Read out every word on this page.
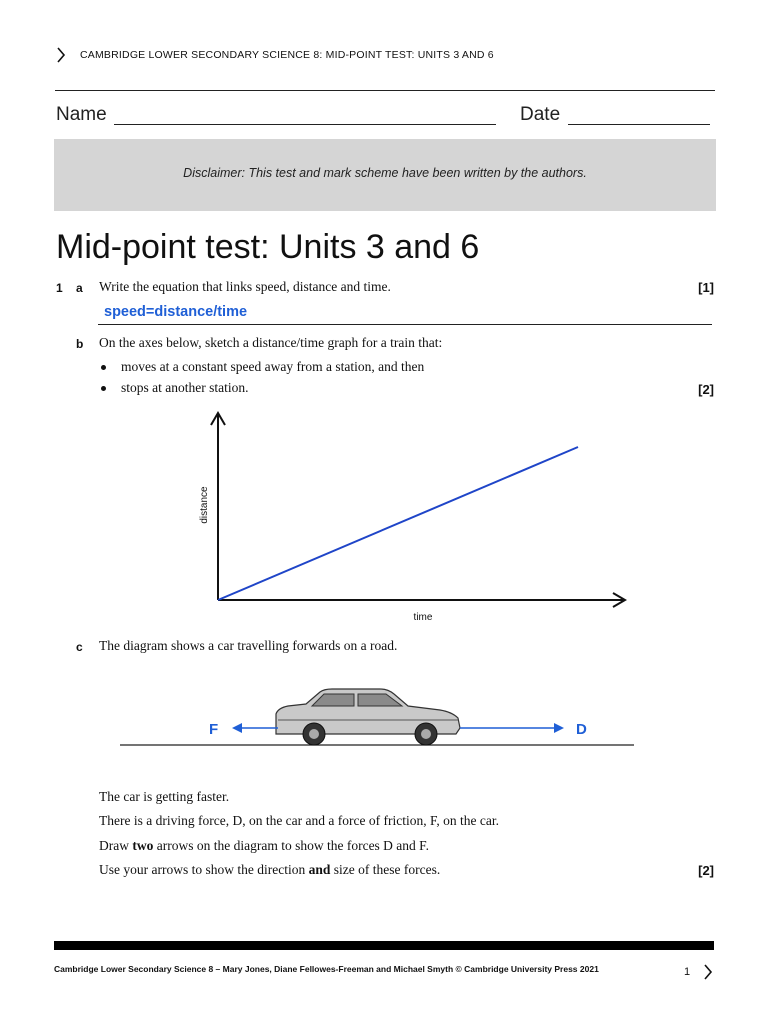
CAMBRIDGE LOWER SECONDARY SCIENCE 8: MID-POINT TEST: UNITS 3 AND 6
Name	Date
Disclaimer: This test and mark scheme have been written by the authors.
Mid-point test: Units 3 and 6
1 a Write the equation that links speed, distance and time.	[1]
speed=distance/time
b On the axes below, sketch a distance/time graph for a train that:
moves at a constant speed away from a station, and then
stops at another station.	[2]
time
distance
c The diagram shows a car travelling forwards on a road.
F	D
The car is getting faster.
There is a driving force, D, on the car and a force of friction, F, on the car.
Draw two arrows on the diagram to show the forces D and F.
Use your arrows to show the direction and size of these forces.	[2]
Cambridge Lower Secondary Science 8 – Mary Jones, Diane Fellowes-Freeman and Michael Smyth © Cambridge University Press 2021	1
